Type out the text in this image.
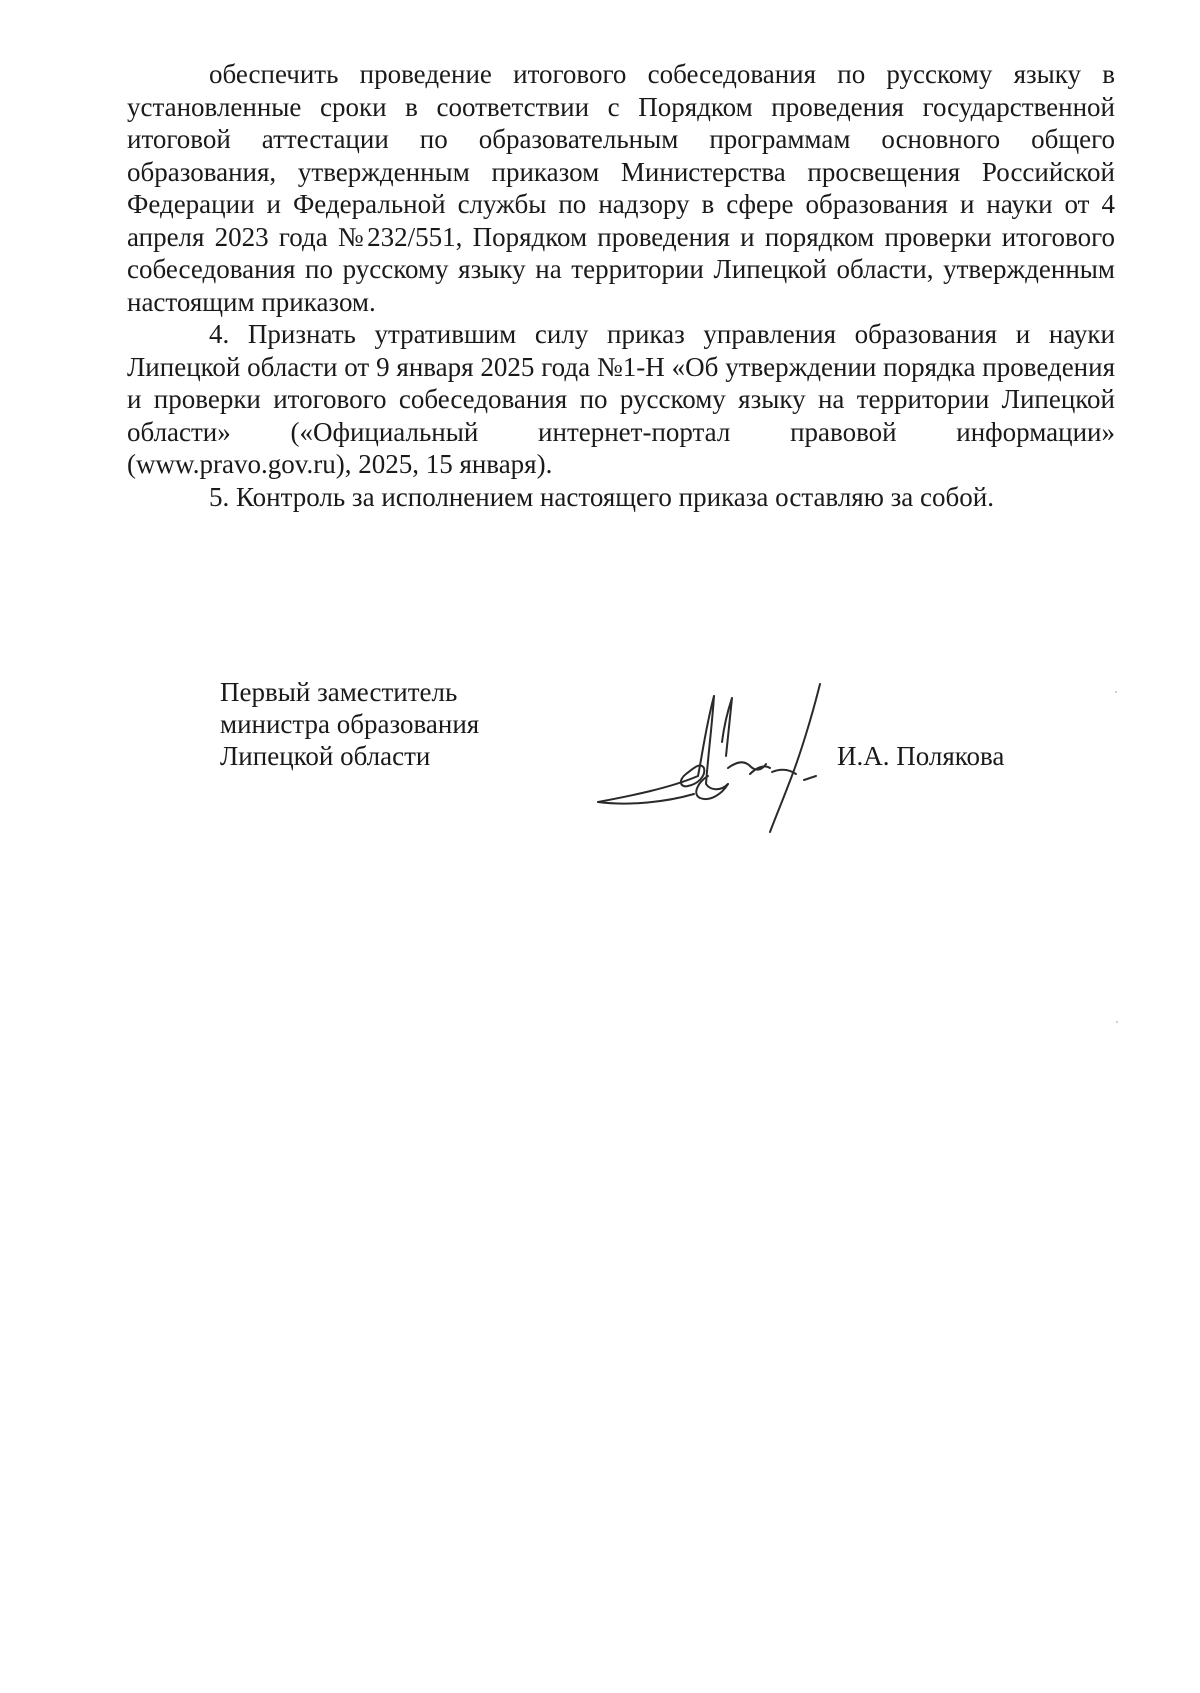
обеспечить проведение итогового собеседования по русскому языку в установленные сроки в соответствии с Порядком проведения государственной итоговой аттестации по образовательным программам основного общего образования, утвержденным приказом Министерства просвещения Российской Федерации и Федеральной службы по надзору в сфере образования и науки от 4 апреля 2023 года №232/551, Порядком проведения и порядком проверки итогового собеседования по русскому языку на территории Липецкой области, утвержденным настоящим приказом.

4. Признать утратившим силу приказ управления образования и науки Липецкой области от 9 января 2025 года №1-Н «Об утверждении порядка проведения и проверки итогового собеседования по русскому языку на территории Липецкой области» («Официальный интернет-портал правовой информации» (www.pravo.gov.ru), 2025, 15 января).

5. Контроль за исполнением настоящего приказа оставляю за собой.

Первый заместитель
министра образования
Липецкой области	И.А. Полякова
